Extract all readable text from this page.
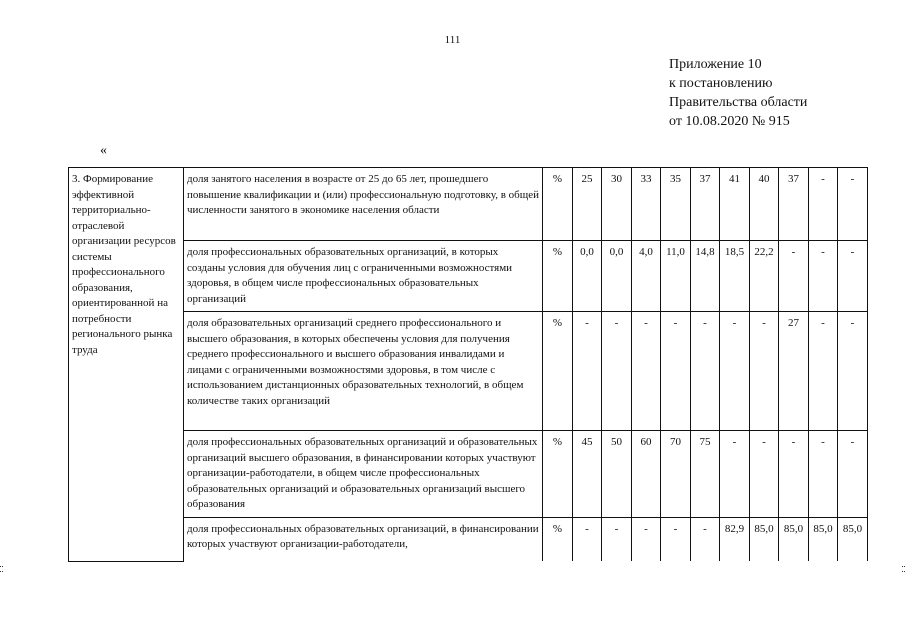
111
Приложение 10
к постановлению
Правительства области
от 10.08.2020 № 915
«
3. Формирование эффективной территориально-отраслевой организации ресурсов системы профессионального образования, ориентированной на потребности регионального рынка труда	доля занятого населения в возрасте от 25 до 65 лет, прошедшего повышение квалификации и (или) профессиональную подготовку, в общей численности занятого в экономике населения области	%	25	30	33	35	37	41	40	37	-	-
	доля профессиональных образовательных организаций, в которых созданы условия для обучения лиц с ограниченными возможностями здоровья, в общем числе профессиональных образовательных организаций	%	0,0	0,0	4,0	11,0	14,8	18,5	22,2	-	-	-
	доля образовательных организаций среднего профессионального и высшего образования, в которых обеспечены условия для получения среднего профессионального и высшего образования инвалидами и лицами с ограниченными возможностями здоровья, в том числе с использованием дистанционных образовательных технологий, в общем количестве таких организаций	%	-	-	-	-	-	-	-	27	-	-
	доля профессиональных образовательных организаций и образовательных организаций высшего образования, в финансировании которых участвуют организации-работодатели, в общем числе профессиональных образовательных организаций и образовательных организаций высшего образования	%	45	50	60	70	75	-	-	-	-	-
	доля профессиональных образовательных организаций, в финансировании которых участвуют организации-работодатели,	%	-	-	-	-	-	82,9	85,0	85,0	85,0	85,0
